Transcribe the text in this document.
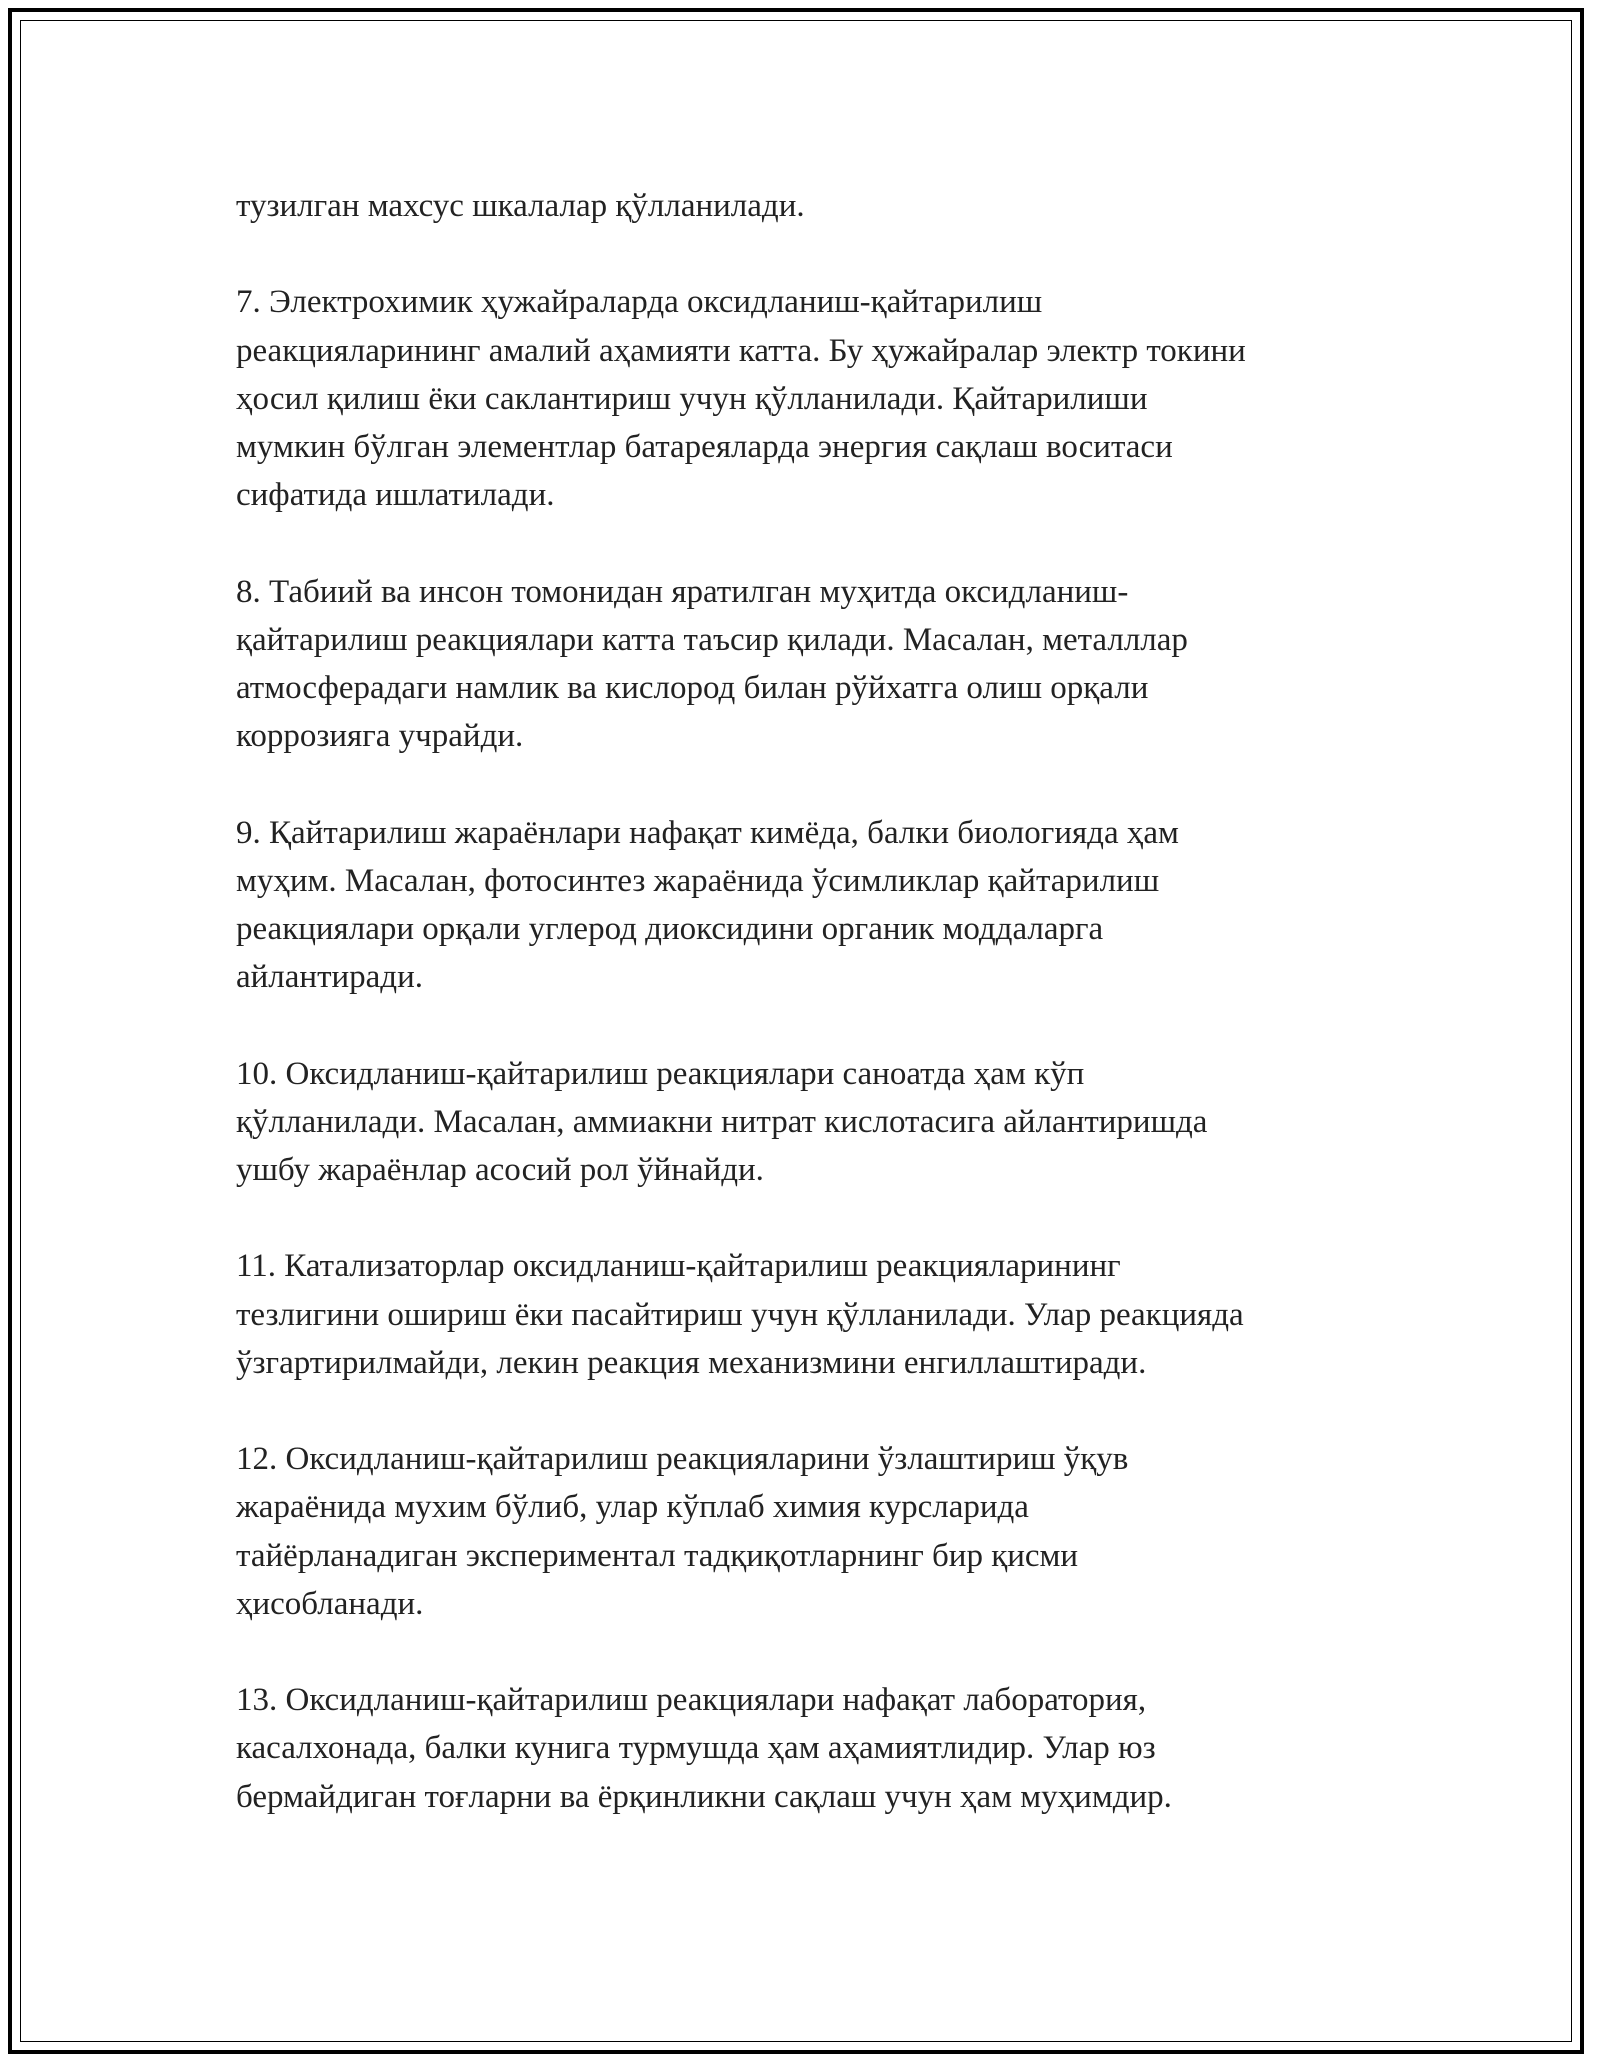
тузилган махсус шкалалар қўлланилади.

7. Электрохимик ҳужайраларда оксидланиш-қайтарилиш
реакцияларининг амалий аҳамияти катта. Бу ҳужайралар электр токини
ҳосил қилиш ёки саклантириш учун қўлланилади. Қайтарилиши
мумкин бўлган элементлар батареяларда энергия сақлаш воситаси
сифатида ишлатилади.

8. Табиий ва инсон томонидан яратилган муҳитда оксидланиш-
қайтарилиш реакциялари катта таъсир қилади. Масалан, металллар
атмосферадаги намлик ва кислород билан рўйхатга олиш орқали
коррозияга учрайди.

9. Қайтарилиш жараёнлари нафақат кимёда, балки биологияда ҳам
муҳим. Масалан, фотосинтез жараёнида ўсимликлар қайтарилиш
реакциялари орқали углерод диоксидини органик моддаларга
айлантиради.

10. Оксидланиш-қайтарилиш реакциялари саноатда ҳам кўп
қўлланилади. Масалан, аммиакни нитрат кислотасига айлантиришда
ушбу жараёнлар асосий рол ўйнайди.

11. Катализаторлар оксидланиш-қайтарилиш реакцияларининг
тезлигини ошириш ёки пасайтириш учун қўлланилади. Улар реакцияда
ўзгартирилмайди, лекин реакция механизмини енгиллаштиради.

12. Оксидланиш-қайтарилиш реакцияларини ўзлаштириш ўқув
жараёнида мухим бўлиб, улар кўплаб химия курсларида
тайёрланадиган экспериментал тадқиқотларнинг бир қисми
ҳисобланади.

13. Оксидланиш-қайтарилиш реакциялари нафақат лаборатория,
касалхонада, балки кунига турмушда ҳам аҳамиятлидир. Улар юз
бермайдиган тоғларни ва ёрқинликни сақлаш учун ҳам муҳимдир.
